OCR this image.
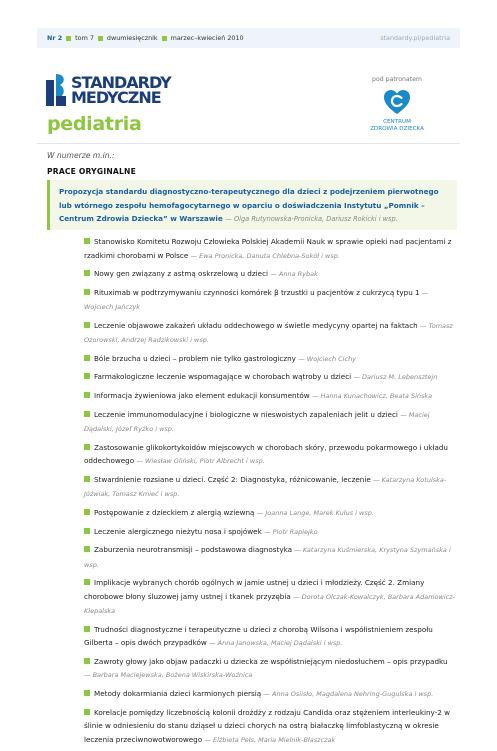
Nr 2 tom 7 dwumiesięcznik marzec–kwiecień 2010	standardy.pl/pediatria
STANDARDY
MEDYCZNE
pediatria
pod patronatem
CENTRUM
ZDROWIA DZIECKA
W numerze m.in.:
PRACE ORYGINALNE
Propozycja standardu diagnostyczno-terapeutycznego dla dzieci z podejrzeniem pierwotnego lub wtórnego zespołu hemofagocytarnego w oparciu o doświadczenia Instytutu „Pomnik – Centrum Zdrowia Dziecka” w Warszawie — Olga Rutynowska-Pronicka, Dariusz Rokicki i wsp.
Stanowisko Komitetu Rozwoju Człowieka Polskiej Akademii Nauk w sprawie opieki nad pacjentami z rzadkimi chorobami w Polsce — Ewa Pronicka, Danuta Chlebna-Sokół i wsp.
Nowy gen związany z astmą oskrzelową u dzieci — Anna Rybak
Rituximab w podtrzymywaniu czynności komórek β trzustki u pacjentów z cukrzycą typu 1 — Wojciech Jańczyk
Leczenie objawowe zakażeń układu oddechowego w świetle medycyny opartej na faktach — Tomasz Ozorowski, Andrzej Radzikowski i wsp.
Bóle brzucha u dzieci – problem nie tylko gastrologiczny — Wojciech Cichy
Farmakologiczne leczenie wspomagające w chorobach wątroby u dzieci — Dariusz M. Lebensztejn
Informacja żywieniowa jako element edukacji konsumentów — Hanna Kunachowicz, Beata Sińska
Leczenie immunomodulacyjne i biologiczne w nieswoistych zapaleniach jelit u dzieci — Maciej Dądalski, Józef Ryżko i wsp.
Zastosowanie glikokortykoidów miejscowych w chorobach skóry, przewodu pokarmowego i układu oddechowego — Wiesław Gliński, Piotr Albrecht i wsp.
Stwardnienie rozsiane u dzieci. Część 2: Diagnostyka, różnicowanie, leczenie — Katarzyna Kotulska-Jóźwiak, Tomasz Kmieć i wsp.
Postępowanie z dzieckiem z alergią wziewną — Joanna Lange, Marek Kulus i wsp.
Leczenie alergicznego nieżytu nosa i spojówek — Piotr Rapiejko
Zaburzenia neurotransmisji – podstawowa diagnostyka — Katarzyna Kuśmierska, Krystyna Szymańska i wsp.
Implikacje wybranych chorób ogólnych w jamie ustnej u dzieci i młodzieży. Część 2. Zmiany chorobowe błony śluzowej jamy ustnej i tkanek przyzębia — Dorota Olczak-Kowalczyk, Barbara Adamowicz-Klepalska
Trudności diagnostyczne i terapeutyczne u dzieci z chorobą Wilsona i współistnieniem zespołu Gilberta – opis dwóch przypadków — Anna Janowska, Maciej Dądalski i wsp.
Zawroty głowy jako objaw padaczki u dziecka ze współistniejącym niedosłuchem – opis przypadku — Barbara Maciejewska, Bożena Wiskirska-Woźnica
Metody dokarmiania dzieci karmionych piersią — Anna Osiisło, Magdalena Nehring-Gugulska i wsp.
Korelacje pomiędzy liczebnością kolonii drożdży z rodzaju Candida oraz stężeniem interleukiny-2 w ślinie w odniesieniu do stanu dziąseł u dzieci chorych na ostrą białaczkę limfoblastyczną w okresie leczenia przeciwnowotworowego — Elżbieta Pels, Maria Mielnik-Błaszczak
